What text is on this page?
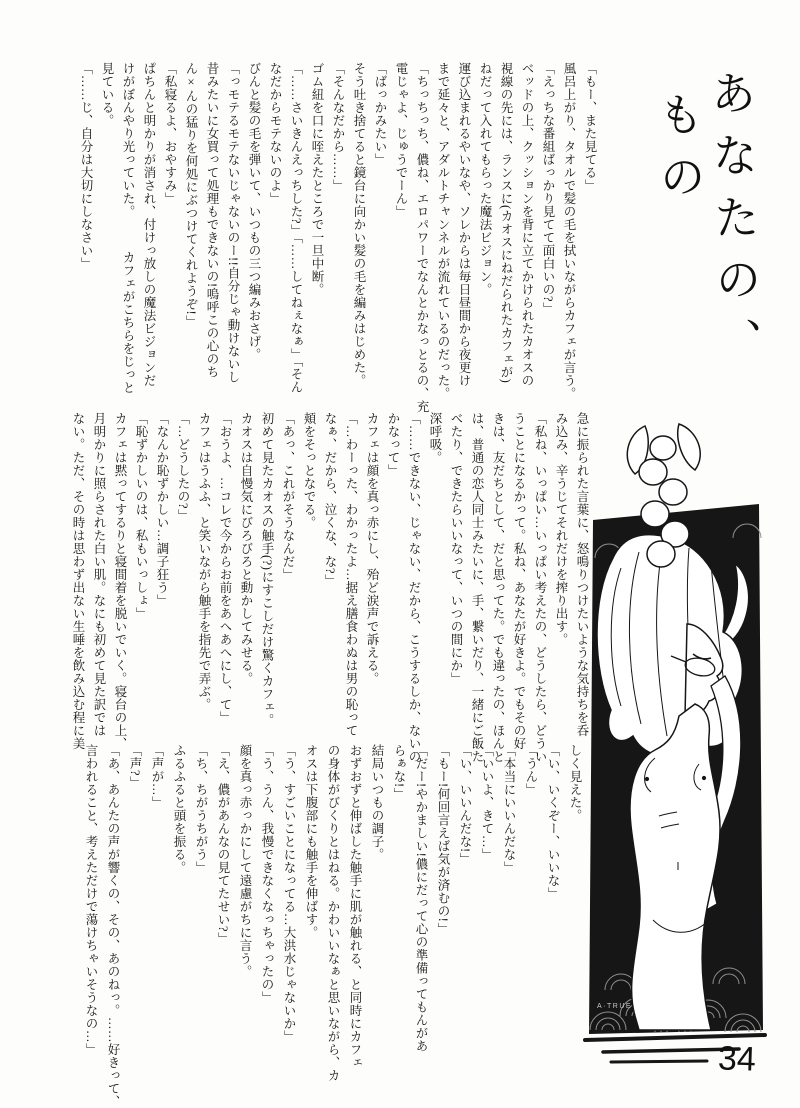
あなたの、
もの
「もー、また見てる」
風呂上がり、タオルで髪の毛を拭いながらカフェが言う。
「えっちな番組ばっかり見てて面白いの?」
ベッドの上、クッションを背に立てかけられたカオスの
視線の先には、ランスに(カオスにねだられたカフェが)
ねだって入れてもらった魔法ビジョン。
運び込まれるやいなや、ソレからは毎日昼間から夜更け
まで延々と、アダルトチャンネルが流れているのだった。
「ちっちっち、儂ね、エロパワーでなんとかなっとるの、充
電じゃよ、じゅうでーん」
「ばっかみたい」
そう吐き捨てると鏡台に向かい髪の毛を編みはじめた。
「そんなだから……」
ゴム紐を口に咥えたところで一旦中断。
「……さいきんえっちした?」「……してねぇなぁ」「そん
なだからモテないのよ」
びんと髪の毛を弾いて、いつもの三つ編みおさげ。
「っモテるモテないじゃないのー!!自分じゃ動けないし
昔みたいに女買って処理もできないの!嗚呼この心のち
ん×んの猛りを何処にぶつけてくれようぞ!」
「私寝るよ、おやすみ」
ぱちんと明かりが消され、付けっ放しの魔法ビジョンだ
けがぼんやり光っていた。　　　カフェがこちらをじっと
見ている。
「……じ、自分は大切にしなさい」
急に振られた言葉に、怒鳴りつけたいような気持ちを呑
み込み、辛うじてそれだけを搾り出す。
「私ね、いっぱい…いっぱい考えたの、どうしたら、どうい
うことになるかって。私ね、あなたが好きよ。でもその好
きは、友だちとして、だと思ってた。でも違ったの、ほんと
は、普通の恋人同士みたいに、手、繋いだり、一緒にご飯た
べたり、できたらいいなって、いつの間にか」
深呼吸。
「……できない、じゃない、だから、こうするしか、ないの
かなって」
カフェは顔を真っ赤にし、殆ど涙声で訴える。
「…わーった、わかったよ…据え膳食わぬは男の恥って
なぁ、だから、泣くな、な?」
頬をそっとなでる。
「あっ、これがそうなんだ」
初めて見たカオスの触手(?)にすこしだけ驚くカフェ。
カオスは自慢気にびろびろと動かしてみせる。
「おうよ、…コレで今からお前をあへあへにし、て」
カフェはうふふ、と笑いながら触手を指先で弄ぶ。
「…どうしたの?」
「なんか恥ずかしい…調子狂う」
「恥ずかしいのは、私もいっしょ」
カフェは黙ってするりと寝間着を脱いでいく。寝台の上、
月明かりに照らされた白い肌。なにも初めて見た訳では
ない。ただ、その時は思わず出ない生唾を飲み込む程に美
しく見えた。
「い、いくぞー、いいな」
「うん」
「本当にいいんだな」
「いいよ、きて…」
「い、いいんだな!」
「もー!何回言えば気が済むの!」
「だー!やかましい!儂にだって心の準備ってもんがあ
らぁな!」
結局いつもの調子。
おずおずと伸ばした触手に肌が触れる、と同時にカフェ
の身体がびくりとはねる。かわいいなぁと思いながら、カ
オスは下腹部にも触手を伸ばす。
「う、すごいことになってる…大洪水じゃないか」
「う、うん、我慢できなくなっちゃったの」
顔を真っ赤っかにして遠慮がちに言う。
「え、儂があんなの見てたせい?」
「ち、ちがうちがう」
ふるふると頭を振る。
「声が…」
「声?」
「あ、あんたの声が響くの、その、あのねっ。……好きって、
言われること、考えただけで蕩けちゃいそうなの…」	A·TRUE
34
